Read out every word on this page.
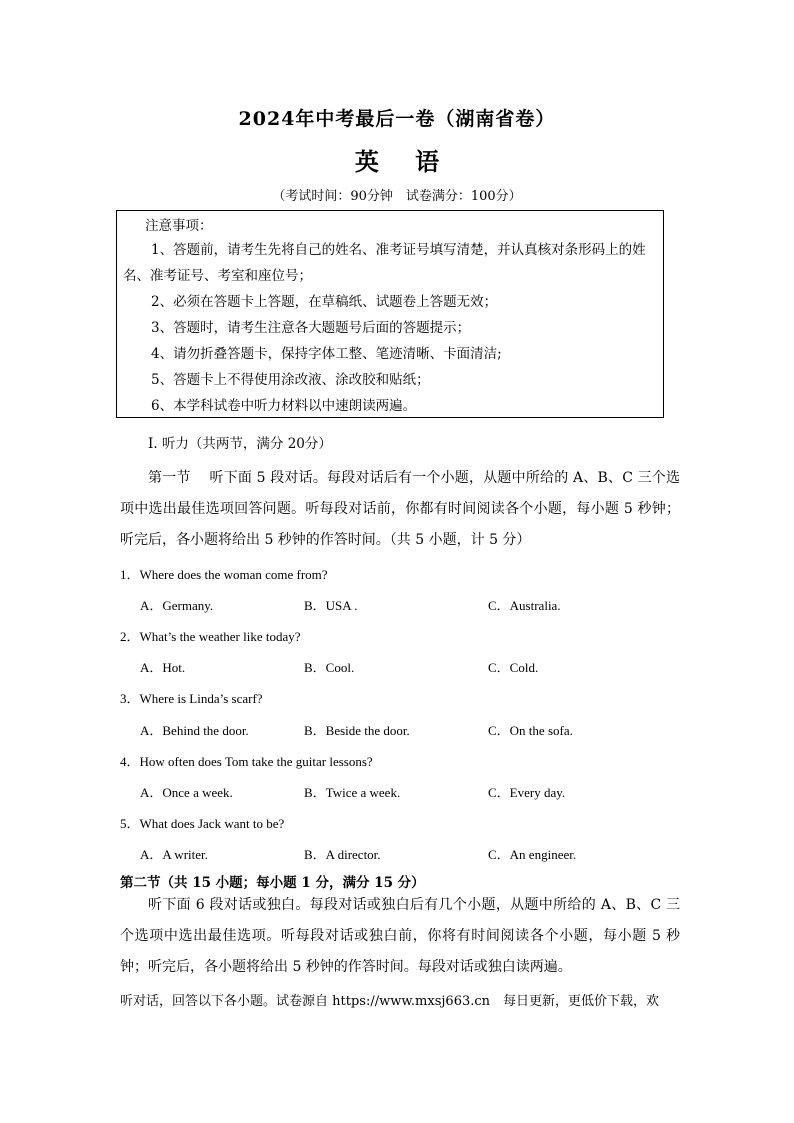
2024年中考最后一卷（湖南省卷）
英 语
（考试时间：90分钟　试卷满分：100分）
注意事项：
1、答题前，请考生先将自己的姓名、准考证号填写清楚，并认真核对条形码上的姓名、准考证号、考室和座位号；
2、必须在答题卡上答题，在草稿纸、试题卷上答题无效；
3、答题时，请考生注意各大题题号后面的答题提示；
4、请勿折叠答题卡，保持字体工整、笔迹清晰、卡面清洁;
5、答题卡上不得使用涂改液、涂改胶和贴纸；
6、本学科试卷中听力材料以中速朗读两遍。
I. 听力（共两节，满分 20分）
第一节　 听下面 5 段对话。每段对话后有一个小题，从题中所给的 A、B、C 三个选项中选出最佳选项回答问题。听每段对话前，你都有时间阅读各个小题，每小题 5 秒钟；听完后，各小题将给出 5 秒钟的作答时间。（共 5 小题，计 5 分）
1．Where does the woman come from?
A．Germany.	B．USA .	C．Australia.
2．What’s the weather like today?
A．Hot.	B．Cool.	C．Cold.
3．Where is Linda’s scarf?
A．Behind the door.	B．Beside the door.	C．On the sofa.
4．How often does Tom take the guitar lessons?
A．Once a week.	B．Twice a week.	C．Every day.
5．What does Jack want to be?
A．A writer.	B．A director.	C．An engineer.
第二节（共 15 小题；每小题 1 分，满分 15 分）
听下面 6 段对话或独白。每段对话或独白后有几个小题，从题中所给的 A、B、C 三个选项中选出最佳选项。听每段对话或独白前，你将有时间阅读各个小题，每小题 5 秒钟；听完后，各小题将给出 5 秒钟的作答时间。每段对话或独白读两遍。
听对话，回答以下各小题。试卷源自 https://www.mxsj663.cn　每日更新，更低价下载，欢
